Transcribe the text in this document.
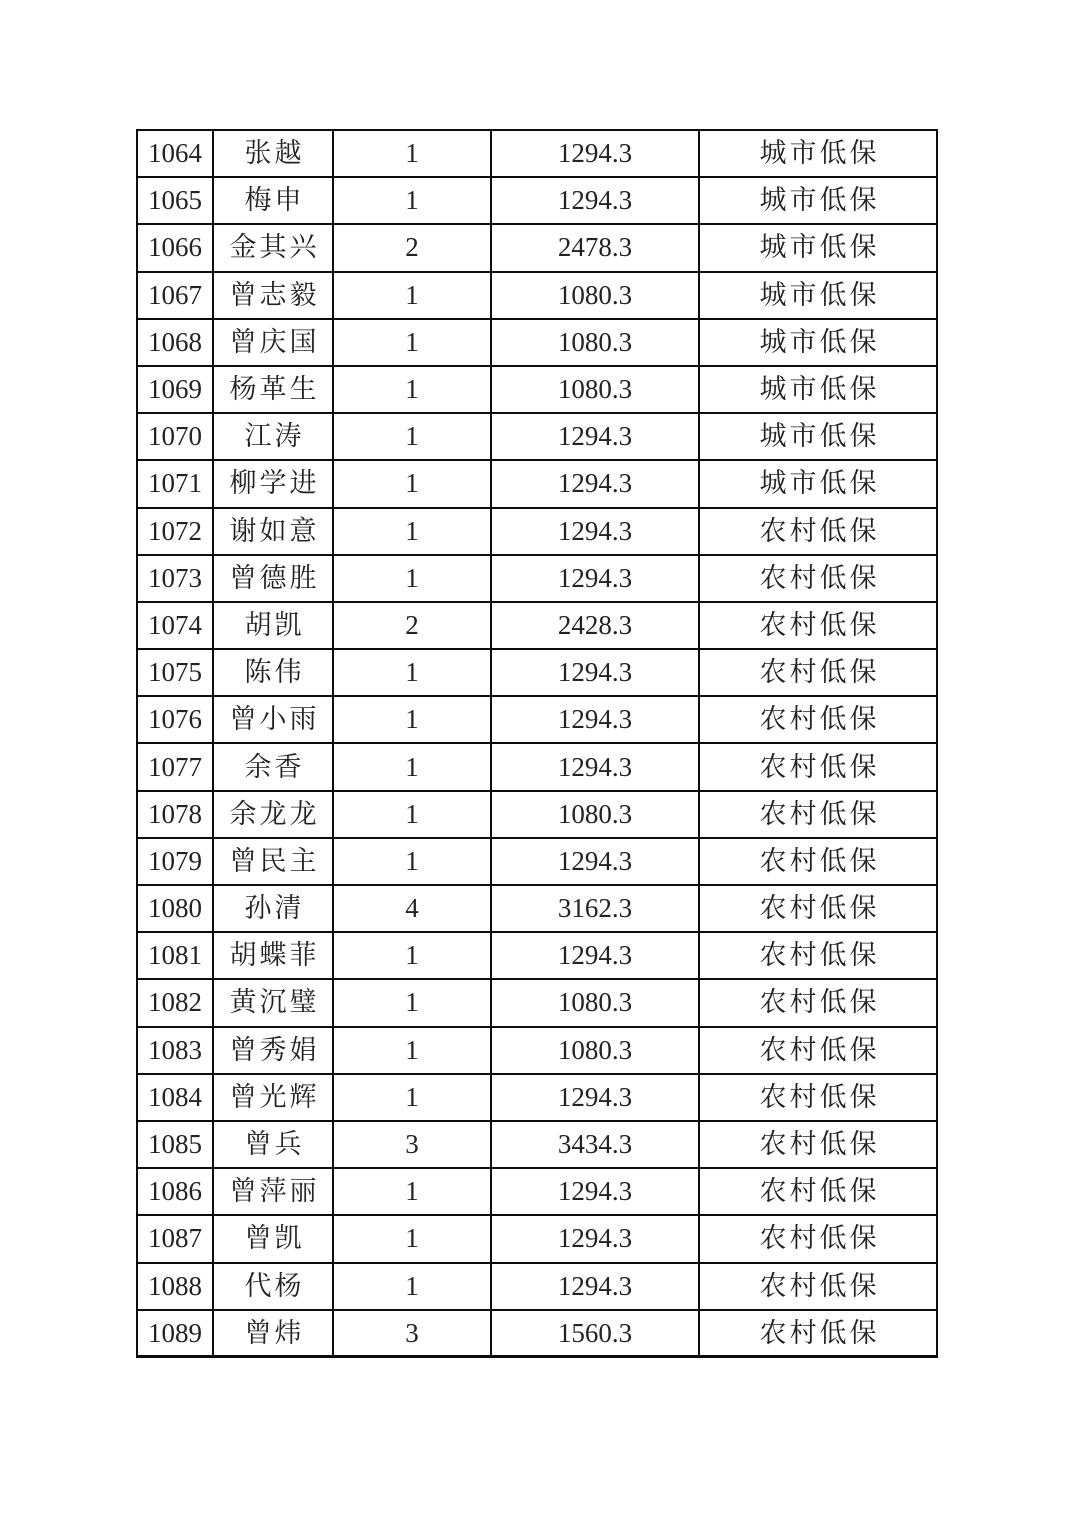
1064	张越	1	1294.3	城市低保
1065	梅申	1	1294.3	城市低保
1066	金其兴	2	2478.3	城市低保
1067	曾志毅	1	1080.3	城市低保
1068	曾庆国	1	1080.3	城市低保
1069	杨革生	1	1080.3	城市低保
1070	江涛	1	1294.3	城市低保
1071	柳学进	1	1294.3	城市低保
1072	谢如意	1	1294.3	农村低保
1073	曾德胜	1	1294.3	农村低保
1074	胡凯	2	2428.3	农村低保
1075	陈伟	1	1294.3	农村低保
1076	曾小雨	1	1294.3	农村低保
1077	余香	1	1294.3	农村低保
1078	余龙龙	1	1080.3	农村低保
1079	曾民主	1	1294.3	农村低保
1080	孙清	4	3162.3	农村低保
1081	胡蝶菲	1	1294.3	农村低保
1082	黄沉璧	1	1080.3	农村低保
1083	曾秀娟	1	1080.3	农村低保
1084	曾光辉	1	1294.3	农村低保
1085	曾兵	3	3434.3	农村低保
1086	曾萍丽	1	1294.3	农村低保
1087	曾凯	1	1294.3	农村低保
1088	代杨	1	1294.3	农村低保
1089	曾炜	3	1560.3	农村低保
